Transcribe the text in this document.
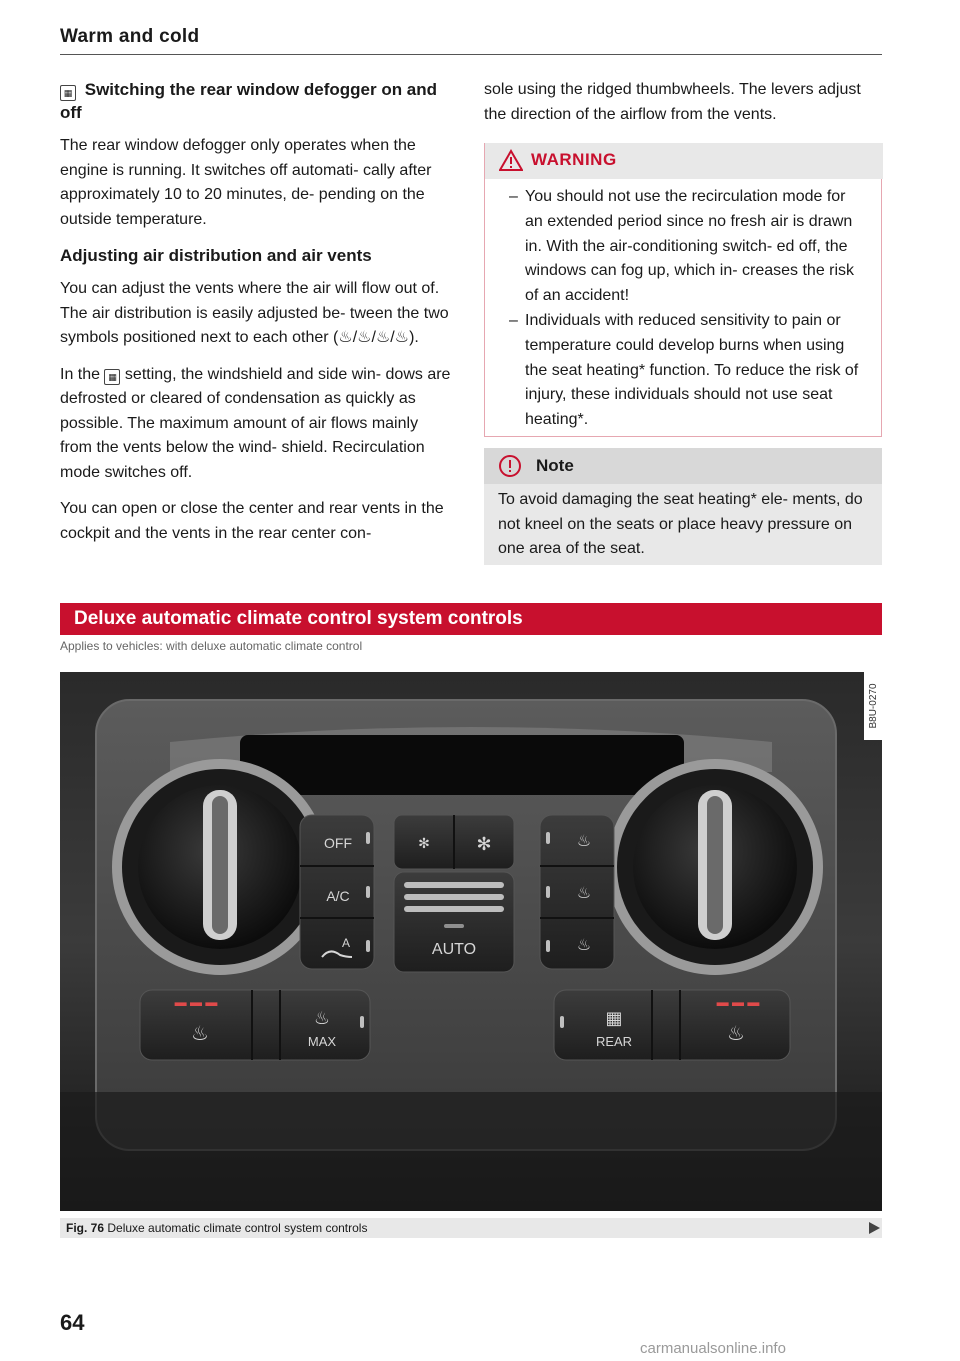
Warm and cold
▦ Switching the rear window defogger on and off

The rear window defogger only operates when the engine is running. It switches off automati- cally after approximately 10 to 20 minutes, de- pending on the outside temperature.

Adjusting air distribution and air vents

You can adjust the vents where the air will flow out of. The air distribution is easily adjusted be- tween the two symbols positioned next to each other (♨/♨/♨/♨).

In the ▦ setting, the windshield and side win- dows are defrosted or cleared of condensation as quickly as possible. The maximum amount of air flows mainly from the vents below the wind- shield. Recirculation mode switches off.

You can open or close the center and rear vents in the cockpit and the vents in the rear center con-

sole using the ridged thumbwheels. The levers adjust the direction of the airflow from the vents.

WARNING
– You should not use the recirculation mode for an extended period since no fresh air is drawn in. With the air-conditioning switch- ed off, the windows can fog up, which in- creases the risk of an accident!
– Individuals with reduced sensitivity to pain or temperature could develop burns when using the seat heating* function. To reduce the risk of injury, these individuals should not use seat heating*.
Note
To avoid damaging the seat heating* ele- ments, do not kneel on the seats or place heavy pressure on one area of the seat.
Deluxe automatic climate control system controls
Applies to vehicles: with deluxe automatic climate control
OFF
A/C
A
✻	✻
AUTO
♨
♨
♨
▬ ▬ ▬
♨
♨
MAX
▦
REAR
▬ ▬ ▬
♨
B8U-0270
Fig. 76 Deluxe automatic climate control system controls
64
carmanualsonline.info
